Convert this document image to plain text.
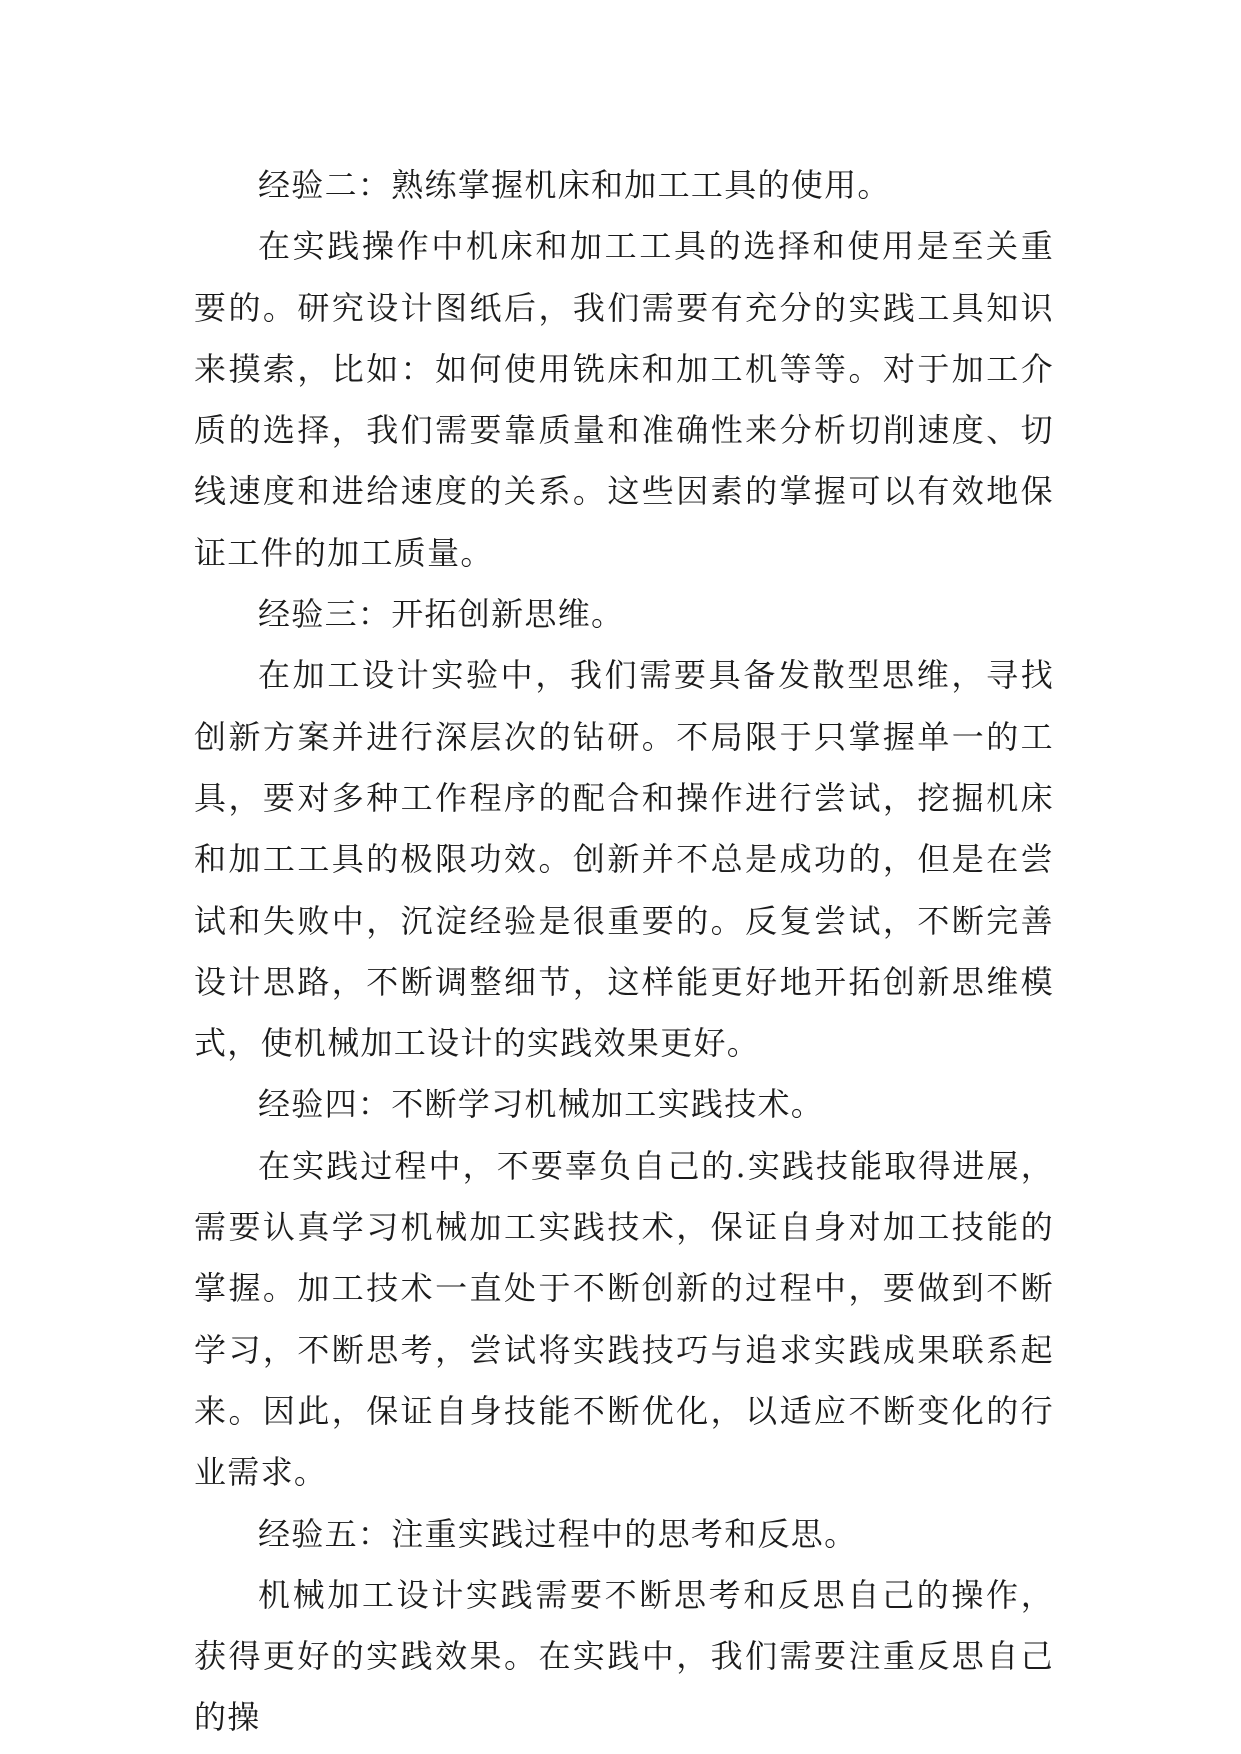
经验二：熟练掌握机床和加工工具的使用。

在实践操作中机床和加工工具的选择和使用是至关重要的。研究设计图纸后，我们需要有充分的实践工具知识来摸索，比如：如何使用铣床和加工机等等。对于加工介质的选择，我们需要靠质量和准确性来分析切削速度、切线速度和进给速度的关系。这些因素的掌握可以有效地保证工件的加工质量。

经验三：开拓创新思维。

在加工设计实验中，我们需要具备发散型思维，寻找创新方案并进行深层次的钻研。不局限于只掌握单一的工具，要对多种工作程序的配合和操作进行尝试，挖掘机床和加工工具的极限功效。创新并不总是成功的，但是在尝试和失败中，沉淀经验是很重要的。反复尝试，不断完善设计思路，不断调整细节，这样能更好地开拓创新思维模式，使机械加工设计的实践效果更好。

经验四：不断学习机械加工实践技术。

在实践过程中，不要辜负自己的.实践技能取得进展，需要认真学习机械加工实践技术，保证自身对加工技能的掌握。加工技术一直处于不断创新的过程中，要做到不断学习，不断思考，尝试将实践技巧与追求实践成果联系起来。因此，保证自身技能不断优化，以适应不断变化的行业需求。

经验五：注重实践过程中的思考和反思。

机械加工设计实践需要不断思考和反思自己的操作，获得更好的实践效果。在实践中，我们需要注重反思自己的操
